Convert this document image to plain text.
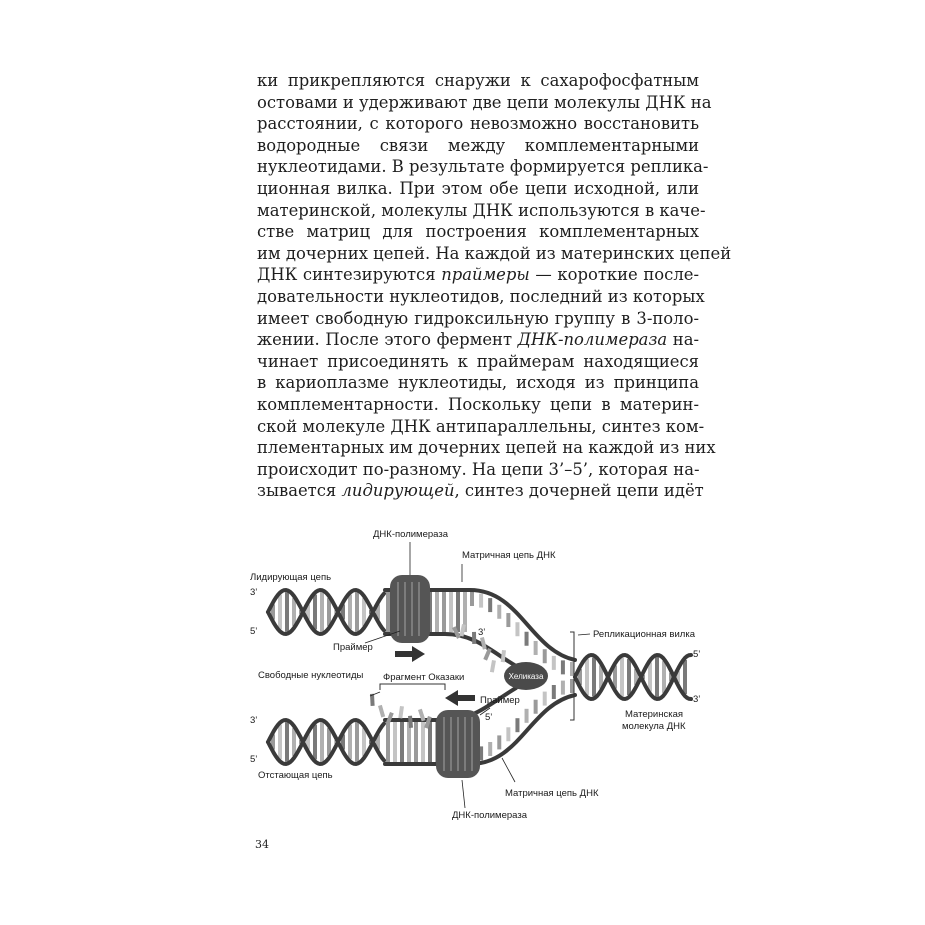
ки прикрепляются снаружи к сахарофосфатным
остовами и удерживают две цепи молекулы ДНК на
расстоянии, с которого невозможно восстановить
водородные связи между комплементарными
нуклеотидами. В результате формируется реплика-
ционная вилка. При этом обе цепи исходной, или
материнской, молекулы ДНК используются в каче-
стве матриц для построения комплементарных
им дочерних цепей. На каждой из материнских цепей
ДНК синтезируются праймеры — короткие после-
довательности нуклеотидов, последний из которых
имеет свободную гидроксильную группу в 3-поло-
жении. После этого фермент ДНК-полимераза на-
чинает присоединять к праймерам находящиеся
в кариоплазме нуклеотиды, исходя из принципа
комплементарности. Поскольку цепи в материн-
ской молекуле ДНК антипараллельны, синтез ком-
плементарных им дочерних цепей на каждой из них
происходит по-разному. На цепи 3’–5’, которая на-
зывается лидирующей, синтез дочерней цепи идёт
Хеликаза
ДНК-полимераза
Матричная цепь ДНК
Лидирующая цепь
3’
5’
Праймер
3’	Репликационная вилка
5’
3’
Свободные нуклеотиды Фрагмент Оказаки
Праймер
5’	Материнская
молекула ДНК
3’
5’
Отстающая цепь
Матричная цепь ДНК
ДНК-полимераза
34
